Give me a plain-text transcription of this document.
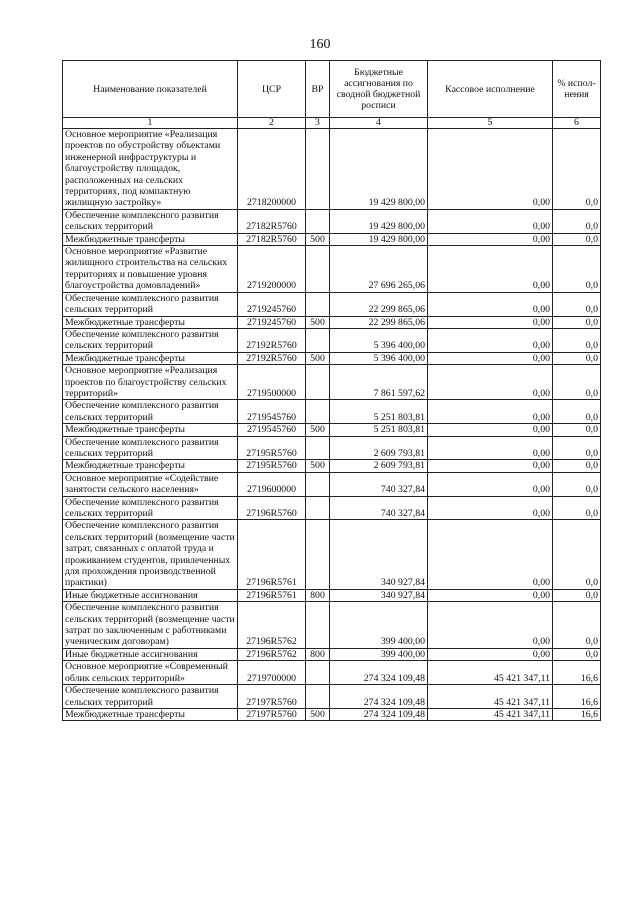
160
Наименование показателей	ЦСР	ВР	Бюджетные ассигнования по сводной бюджетной росписи	Кассовое исполнение	% испол-нения
1	2	3	4	5	6
Основное мероприятие «Реализация проектов по обустройству объектами инженерной инфраструктуры и благоустройству площадок, расположенных на сельских территориях, под компактную жилищную застройку»	2718200000		19 429 800,00	0,00	0,0
Обеспечение комплексного развития сельских территорий	27182R5760		19 429 800,00	0,00	0,0
Межбюджетные трансферты	27182R5760	500	19 429 800,00	0,00	0,0
Основное мероприятие «Развитие жилищного строительства на сельских территориях и повышение уровня благоустройства домовладений»	2719200000		27 696 265,06	0,00	0,0
Обеспечение комплексного развития сельских территорий	2719245760		22 299 865,06	0,00	0,0
Межбюджетные трансферты	2719245760	500	22 299 865,06	0,00	0,0
Обеспечение комплексного развития сельских территорий	27192R5760		5 396 400,00	0,00	0,0
Межбюджетные трансферты	27192R5760	500	5 396 400,00	0,00	0,0
Основное мероприятие «Реализация проектов по благоустройству сельских территорий»	2719500000		7 861 597,62	0,00	0,0
Обеспечение комплексного развития сельских территорий	2719545760		5 251 803,81	0,00	0,0
Межбюджетные трансферты	2719545760	500	5 251 803,81	0,00	0,0
Обеспечение комплексного развития сельских территорий	27195R5760		2 609 793,81	0,00	0,0
Межбюджетные трансферты	27195R5760	500	2 609 793,81	0,00	0,0
Основное мероприятие «Содействие занятости сельского населения»	2719600000		740 327,84	0,00	0,0
Обеспечение комплексного развития сельских территорий	27196R5760		740 327,84	0,00	0,0
Обеспечение комплексного развития сельских территорий (возмещение части затрат, связанных с оплатой труда и проживанием студентов, привлеченных для прохождения производственной практики)	27196R5761		340 927,84	0,00	0,0
Иные бюджетные ассигнования	27196R5761	800	340 927,84	0,00	0,0
Обеспечение комплексного развития сельских территорий (возмещение части затрат по заключенным с работниками ученическим договорам)	27196R5762		399 400,00	0,00	0,0
Иные бюджетные ассигнования	27196R5762	800	399 400,00	0,00	0,0
Основное мероприятие «Современный облик сельских территорий»	2719700000		274 324 109,48	45 421 347,11	16,6
Обеспечение комплексного развития сельских территорий	27197R5760		274 324 109,48	45 421 347,11	16,6
Межбюджетные трансферты	27197R5760	500	274 324 109,48	45 421 347,11	16,6
